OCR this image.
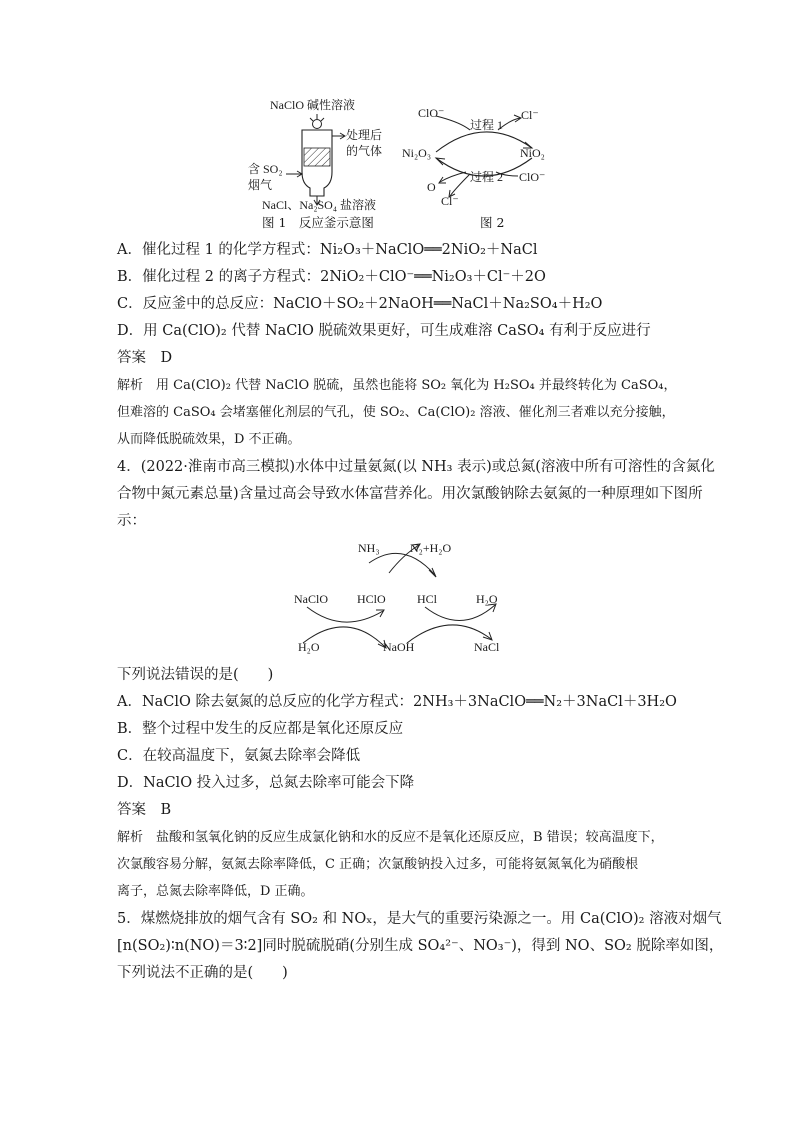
NaClO 碱性溶液
处理后
的气体
含 SO₂
烟气
NaCl、Na₂SO₄ 盐溶液
图 1　反应釜示意图
ClO⁻	Cl⁻
过程 1
Ni₂O₃	NiO₂
过程 2 ClO⁻
O
Cl⁻
图 2
A．催化过程 1 的化学方程式：Ni₂O₃＋NaClO══2NiO₂＋NaCl
B．催化过程 2 的离子方程式：2NiO₂＋ClO⁻══Ni₂O₃＋Cl⁻＋2O
C．反应釜中的总反应：NaClO＋SO₂＋2NaOH══NaCl＋Na₂SO₄＋H₂O
D．用 Ca(ClO)₂ 代替 NaClO 脱硫效果更好，可生成难溶 CaSO₄ 有利于反应进行
答案　D
解析　用 Ca(ClO)₂ 代替 NaClO 脱硫，虽然也能将 SO₂ 氧化为 H₂SO₄ 并最终转化为 CaSO₄，
但难溶的 CaSO₄ 会堵塞催化剂层的气孔，使 SO₂、Ca(ClO)₂ 溶液、催化剂三者难以充分接触，
从而降低脱硫效果，D 不正确。
4．(2022·淮南市高三模拟)水体中过量氨氮(以 NH₃ 表示)或总氮(溶液中所有可溶性的含氮化
合物中氮元素总量)含量过高会导致水体富营养化。用次氯酸钠除去氨氮的一种原理如下图所
示：
NH₃	N₂+H₂O
NaClO HClO	HCl	H₂O
H₂O	NaOH	NaCl
下列说法错误的是(　　)
A．NaClO 除去氨氮的总反应的化学方程式：2NH₃＋3NaClO══N₂＋3NaCl＋3H₂O
B．整个过程中发生的反应都是氧化还原反应
C．在较高温度下，氨氮去除率会降低
D．NaClO 投入过多，总氮去除率可能会下降
答案　B
解析　盐酸和氢氧化钠的反应生成氯化钠和水的反应不是氧化还原反应，B 错误；较高温度下，
次氯酸容易分解，氨氮去除率降低，C 正确；次氯酸钠投入过多，可能将氨氮氧化为硝酸根
离子，总氮去除率降低，D 正确。
5．煤燃烧排放的烟气含有 SO₂ 和 NOₓ，是大气的重要污染源之一。用 Ca(ClO)₂ 溶液对烟气
[n(SO₂)∶n(NO)＝3∶2]同时脱硫脱硝(分别生成 SO₄²⁻、NO₃⁻)，得到 NO、SO₂ 脱除率如图，
下列说法不正确的是(　　)
